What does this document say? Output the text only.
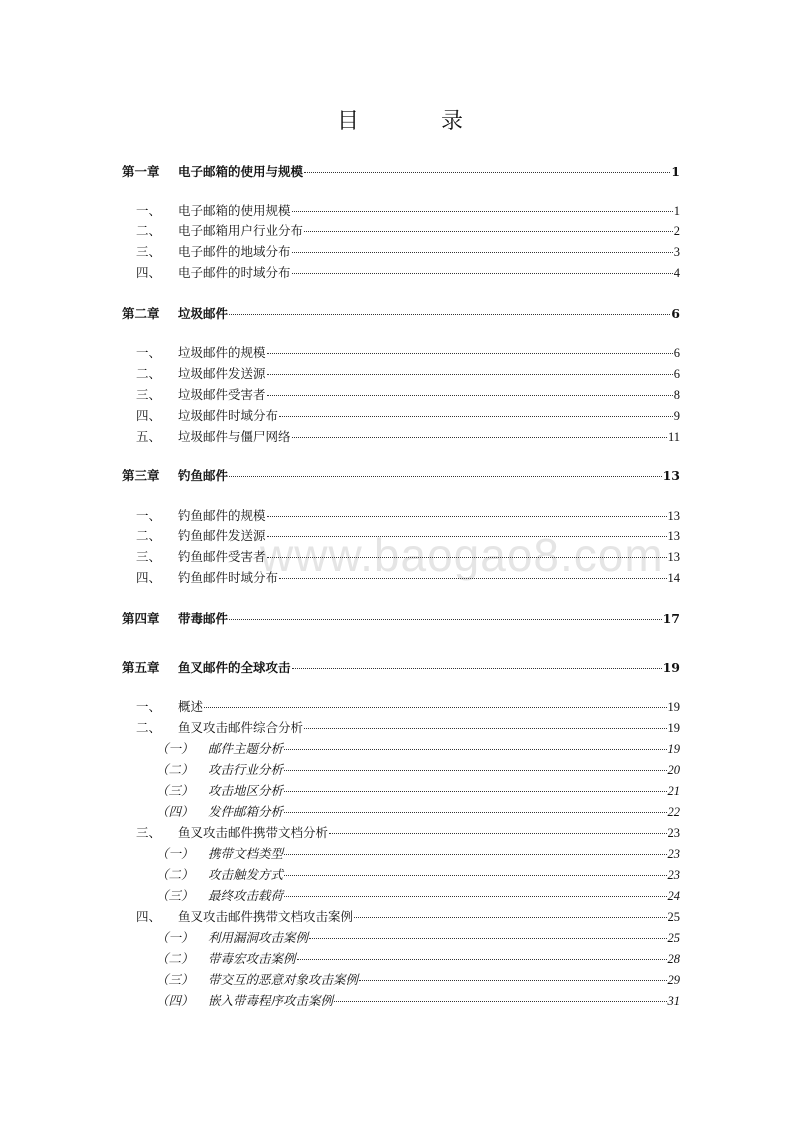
目　录
www.baogao8.com
第一章	电子邮箱的使用与规模	1
一、	电子邮箱的使用规模	1
二、	电子邮箱用户行业分布	2
三、	电子邮件的地域分布	3
四、	电子邮件的时域分布	4
第二章	垃圾邮件	6
一、	垃圾邮件的规模	6
二、	垃圾邮件发送源	6
三、	垃圾邮件受害者	8
四、	垃圾邮件时域分布	9
五、	垃圾邮件与僵尸网络	11
第三章	钓鱼邮件	13
一、	钓鱼邮件的规模	13
二、	钓鱼邮件发送源	13
三、	钓鱼邮件受害者	13
四、	钓鱼邮件时域分布	14
第四章	带毒邮件	17
第五章	鱼叉邮件的全球攻击	19
一、	概述	19
二、	鱼叉攻击邮件综合分析	19
（一）	邮件主题分析	19
（二）	攻击行业分析	20
（三）	攻击地区分析	21
（四）	发件邮箱分析	22
三、	鱼叉攻击邮件携带文档分析	23
（一）	携带文档类型	23
（二）	攻击触发方式	23
（三）	最终攻击载荷	24
四、	鱼叉攻击邮件携带文档攻击案例	25
（一）	利用漏洞攻击案例	25
（二）	带毒宏攻击案例	28
（三）	带交互的恶意对象攻击案例	29
（四）	嵌入带毒程序攻击案例	31
